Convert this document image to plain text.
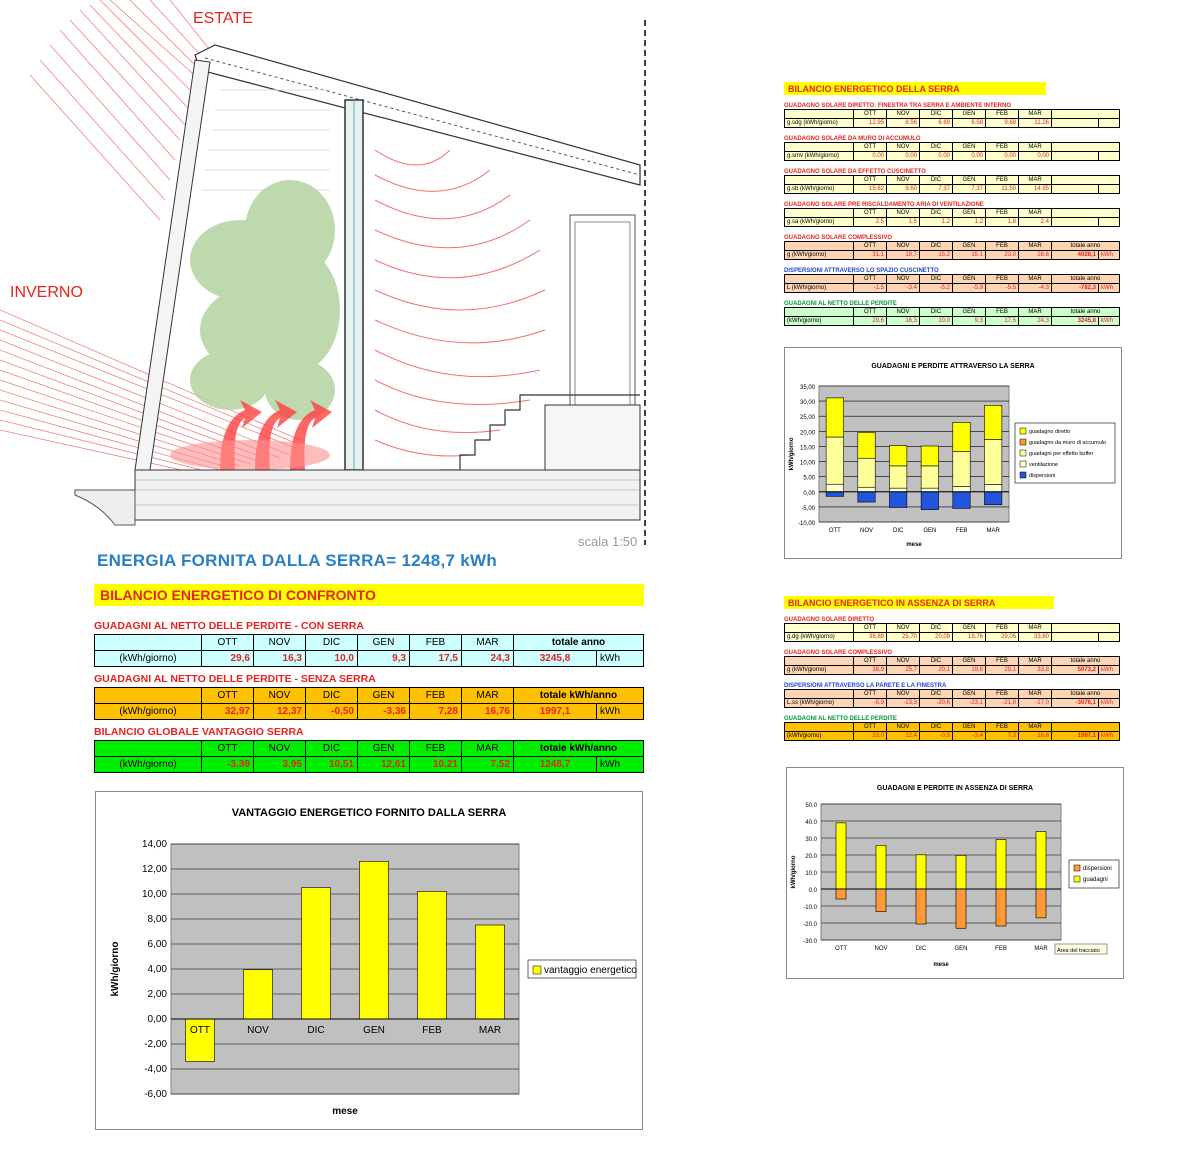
ESTATE
INVERNO
scala 1:50
ENERGIA FORNITA DALLA SERRA= 1248,7 kWh
BILANCIO ENERGETICO DI CONFRONTO
GUADAGNI AL NETTO DELLE PERDITE - CON SERRA
	OTT	NOV	DIC	GEN	FEB	MAR	totale anno	
(kWh/giorno)	29,6	16,3	10,0	9,3	17,5	24,3	3245,8	kWh
GUADAGNI AL NETTO DELLE PERDITE - SENZA SERRA
	OTT	NOV	DIC	GEN	FEB	MAR	totale kWh/anno	
(kWh/giorno)	32,97	12,37	-0,50	-3,36	7,28	16,76	1997,1	kWh
BILANCIO GLOBALE VANTAGGIO SERRA
	OTT	NOV	DIC	GEN	FEB	MAR	totale kWh/anno	
(kWh/giorno)	-3,39	3,95	10,51	12,61	10,21	7,52	1248,7	kWh
VANTAGGIO ENERGETICO FORNITO DALLA SERRA
-6,00
-4,00
-2,00
0,00
2,00
4,00
6,00
8,00
10,00
12,00
14,00
OTT	NOV	DIC	GEN	FEB	MAR
mese
kWh/giorno	vantaggio energetico
BILANCIO ENERGETICO DELLA SERRA
GUADAGNO SOLARE DIRETTO: FINESTRA TRA SERRA E AMBIENTE INTERNO
	OTT	NOV	DIC	GEN	FEB	MAR		
g.sdg (kWh/giorno)	12.95	8.56	6.69	6.58	9.68	11.26		
GUADAGNO SOLARE DA MURO DI ACCUMULO
	OTT	NOV	DIC	GEN	FEB	MAR		
g.smv (kWh/giorno)	0.00	0.00	0.00	0.00	0.00	0.00		
GUADAGNO SOLARE DA EFFETTO CUSCINETTO
	OTT	NOV	DIC	GEN	FEB	MAR		
g.sb (kWh/giorno)	15.62	9.60	7.37	7.37	11.50	14.95		
GUADAGNO SOLARE PRE RISCALDAMENTO ARIA DI VENTILAZIONE
	OTT	NOV	DIC	GEN	FEB	MAR		
g.sa (kWh/giorno)	2.5	1.5	1.2	1.2	1.8	2.4		
GUADAGNO SOLARE COMPLESSIVO
	OTT	NOV	DIC	GEN	FEB	MAR	totale anno	
g (kWh/giorno)	31.1	19.7	15.2	15.1	23.0	28.6	4028,1	kWh
DISPERSIONI ATTRAVERSO LO SPAZIO CUSCINETTO
	OTT	NOV	DIC	GEN	FEB	MAR	totale anno	
L (kWh/giorno)	-1.5	-3.4	-5.2	-5.9	-5.5	-4.3	-782,3	kWh
GUADAGNI AL NETTO DELLE PERDITE
	OTT	NOV	DIC	GEN	FEB	MAR	totale anno	
(kWh/giorno)	29,6	16,3	10,0	9,3	17,5	24,3	3245,8	kWh
GUADAGNI E PERDITE ATTRAVERSO LA SERRA
-10,00
-5,00
0,00
5,00
10,00
15,00
20,00
25,00
30,00
35,00
OTT	NOV	DIC	GEN	FEB	MAR
mese
kWh/giorno
guadagno diretto
guadagno da muro di accumulo
guadagni per effetto buffer
ventilazione
dispersioni
BILANCIO ENERGETICO IN ASSENZA DI SERRA
GUADAGNO SOLARE DIRETTO
	OTT	NOV	DIC	GEN	FEB	MAR		
g.dg (kWh/giorno)	38,88	25,70	20,09	19,76	29,05	33,80		
GUADAGNO SOLARE COMPLESSIVO
	OTT	NOV	DIC	GEN	FEB	MAR	totale anno	
g (kWh/giorno)	38,9	25,7	20,1	19,8	29,1	33,8	5073,2	kWh
DISPERSIONI ATTRAVERSO LA PARETE E LA FINESTRA
	OTT	NOV	DIC	GEN	FEB	MAR	totale anno	
L.ss (kWh/giorno)	-5,9	-13,3	-20,6	-23,1	-21,8	-17,0	-3076,1	kWh
GUADAGNI AL NETTO DELLE PERDITE
	OTT	NOV	DIC	GEN	FEB	MAR		
(kWh/giorno)	33,0	12,4	-0,5	-3,4	7,3	16,8	1997,1	kWh
GUADAGNI E PERDITE IN ASSENZA DI SERRA
-30.0
-20.0
-10.0
0.0
10.0
20.0
30.0
40.0
50.0
OTT	NOV	DIC	GEN	FEB	MAR
mese
kWh/giorno	dispersioni
guadagni
Area del tracciato
